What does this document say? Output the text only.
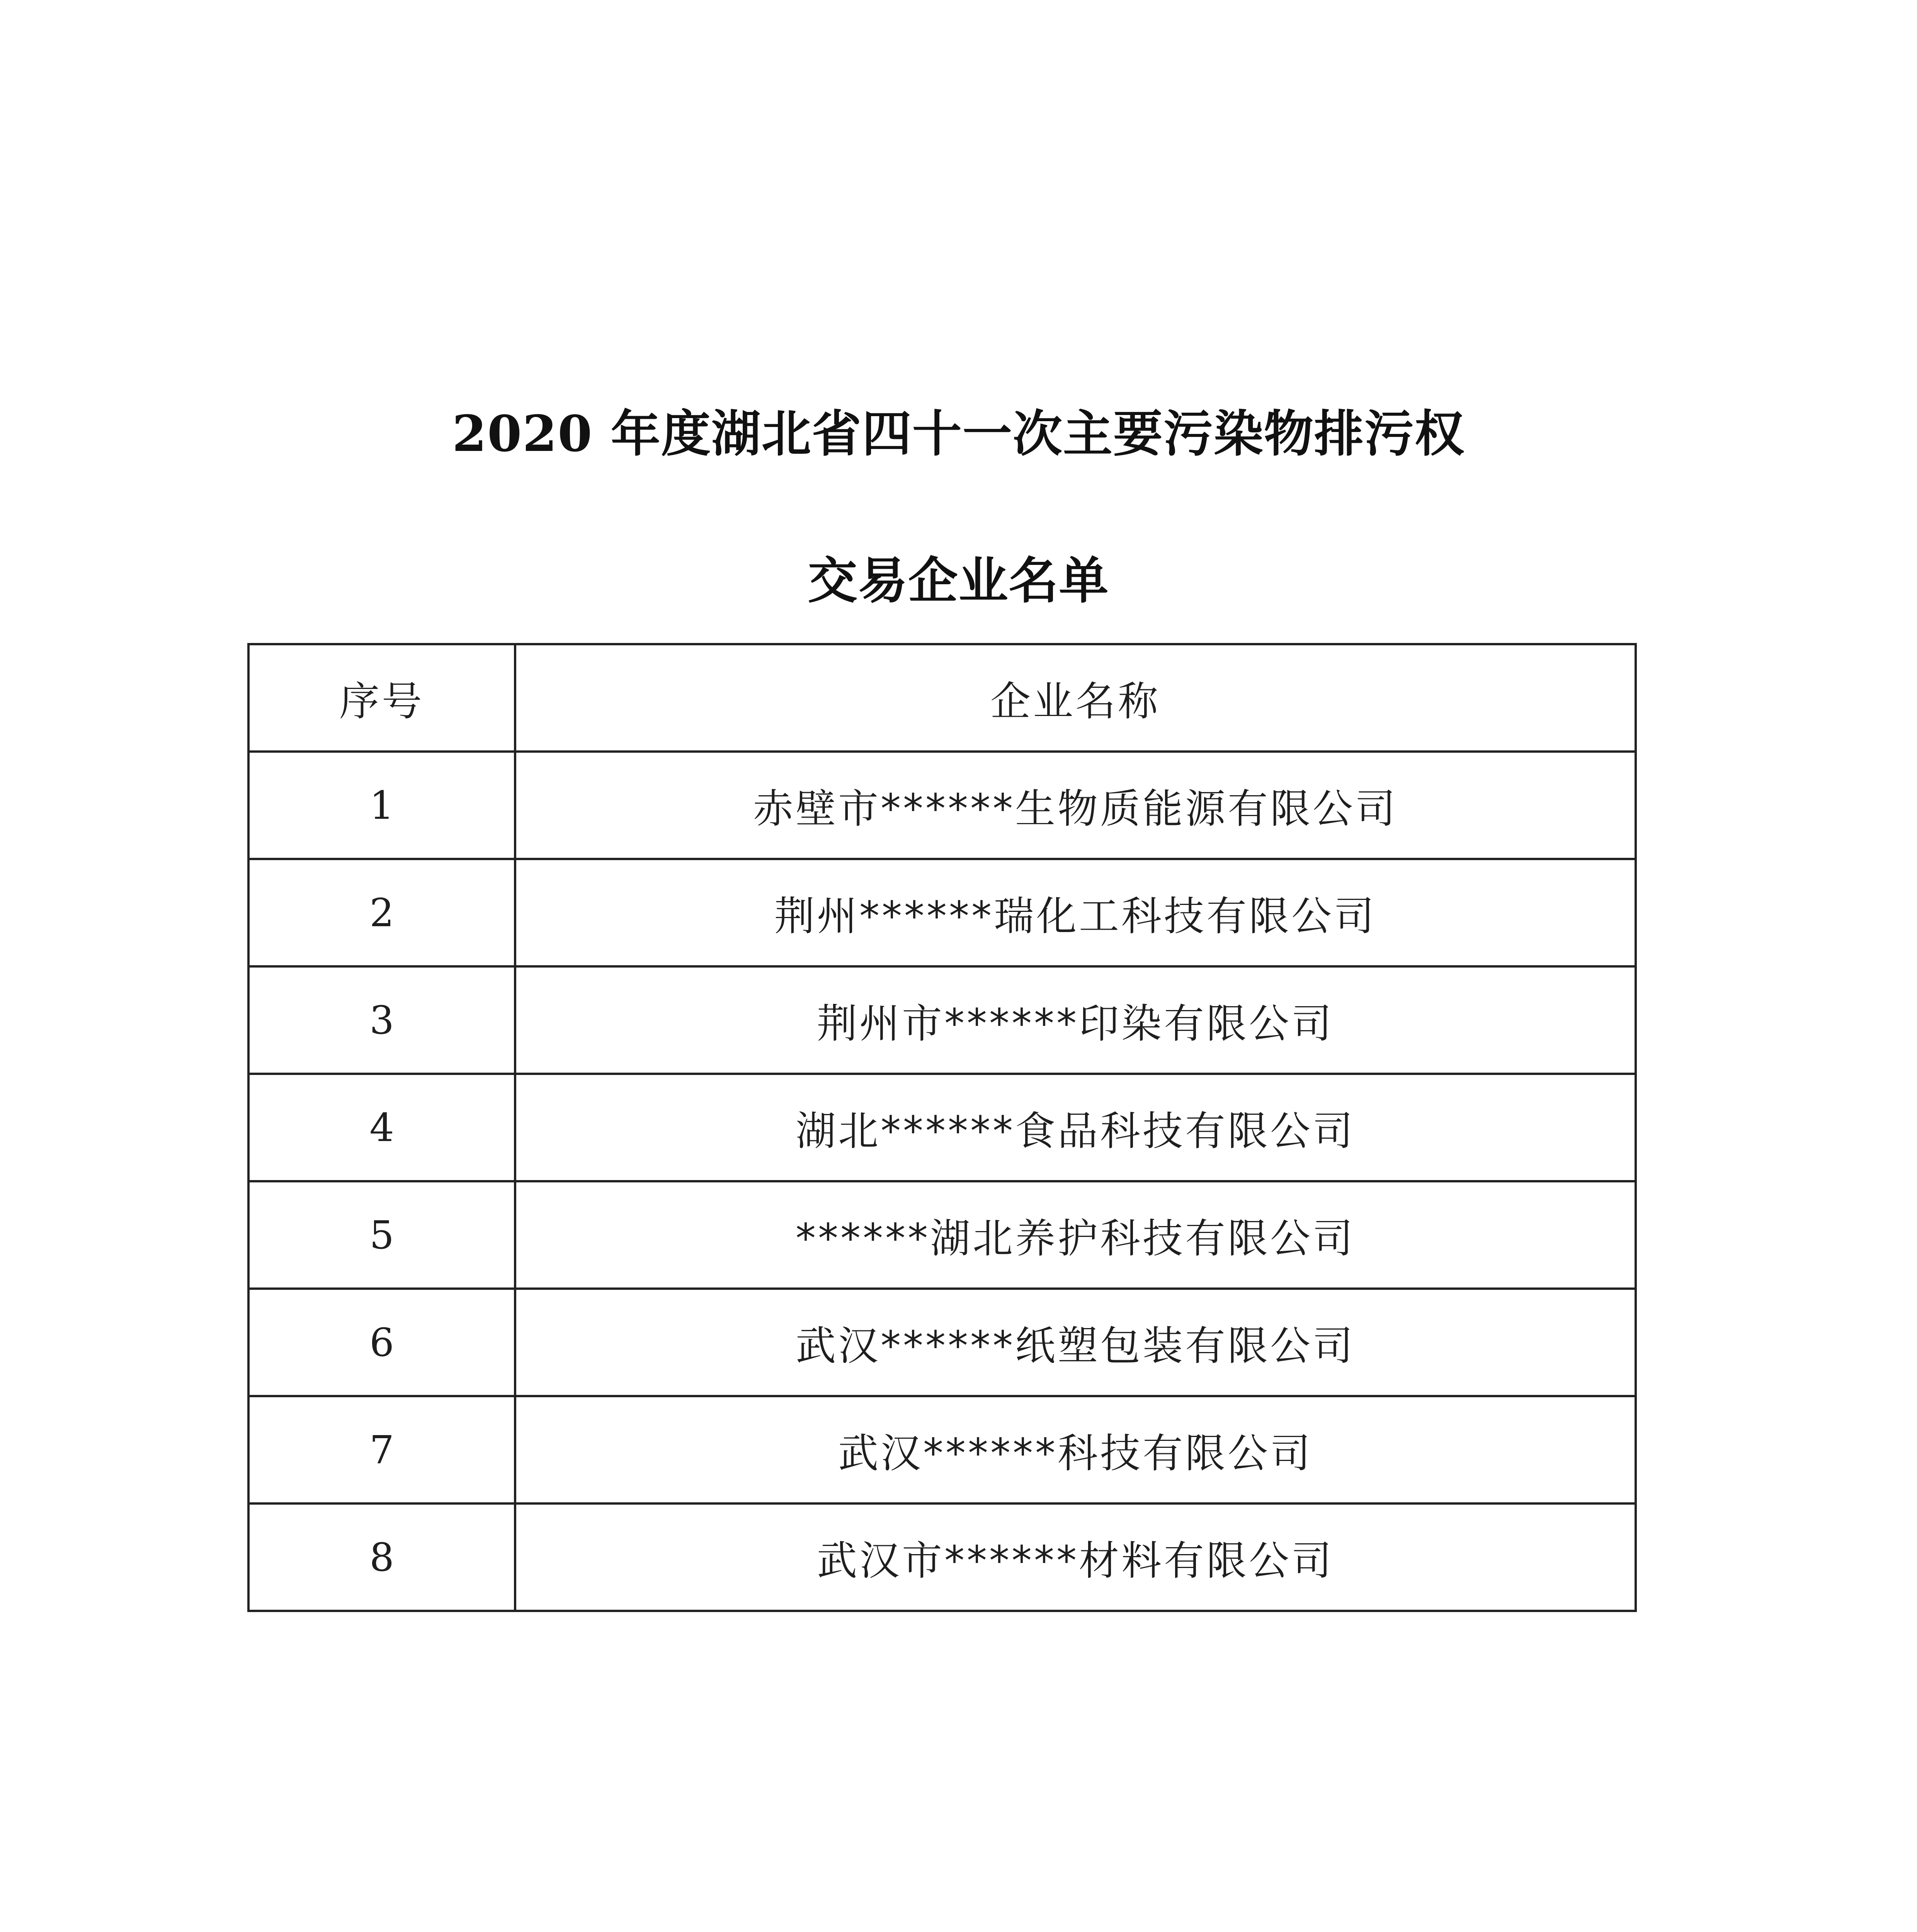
2020 年度湖北省四十一次主要污染物排污权
交易企业名单
序号	企业名称
1	赤壁市******生物质能源有限公司
2	荆州******瑞化工科技有限公司
3	荆州市******印染有限公司
4	湖北******食品科技有限公司
5	******湖北养护科技有限公司
6	武汉******纸塑包装有限公司
7	武汉******科技有限公司
8	武汉市******材料有限公司
